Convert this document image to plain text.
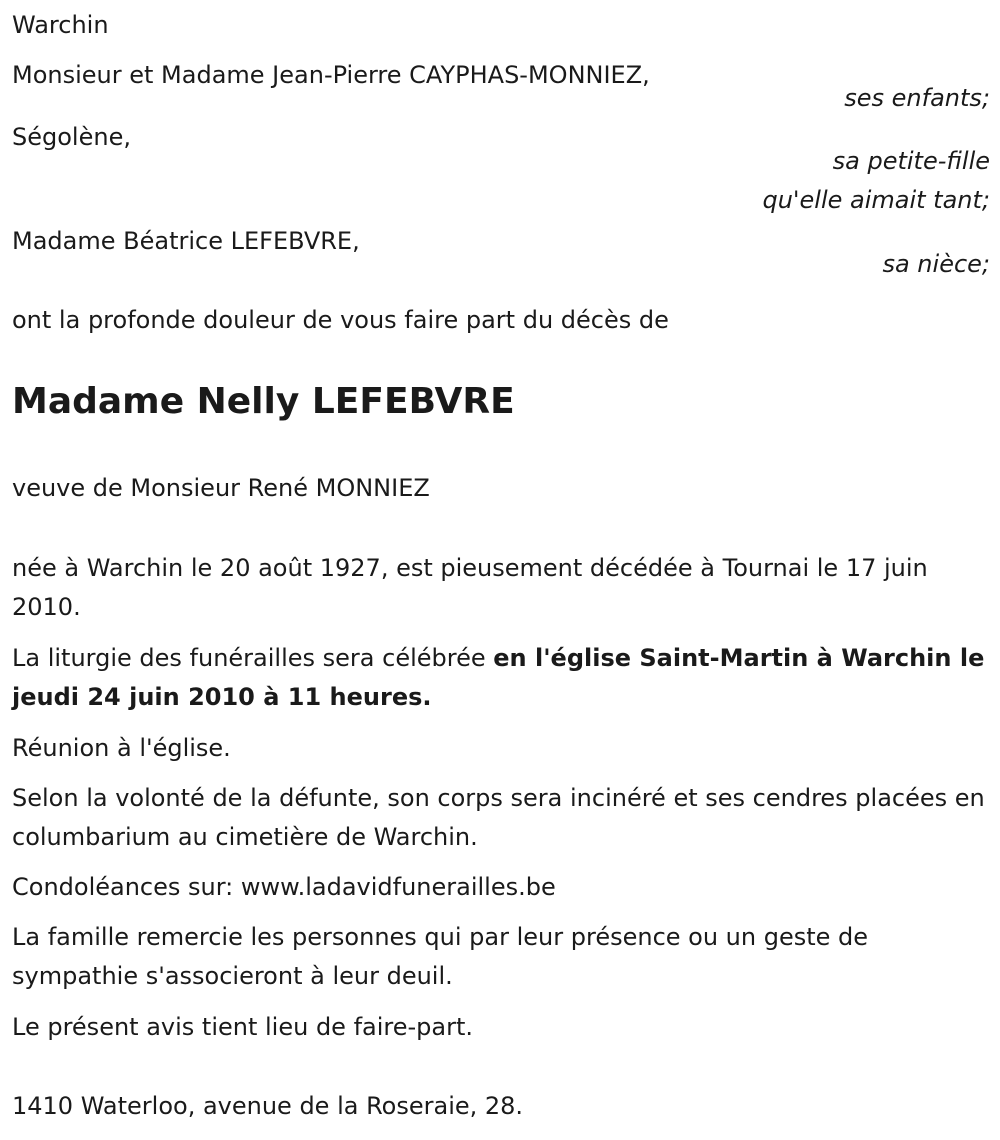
Warchin
Monsieur et Madame Jean-Pierre CAYPHAS-MONNIEZ,
ses enfants;
Ségolène,
sa petite-fille
qu'elle aimait tant;
Madame Béatrice LEFEBVRE,
sa nièce;
ont la profonde douleur de vous faire part du décès de
Madame Nelly LEFEBVRE
veuve de Monsieur René MONNIEZ
née à Warchin le 20 août 1927, est pieusement décédée à Tournai le 17 juin 2010.
La liturgie des funérailles sera célébrée en l'église Saint-Martin à Warchin le jeudi 24 juin 2010 à 11 heures.
Réunion à l'église.
Selon la volonté de la défunte, son corps sera incinéré et ses cendres placées en columbarium au cimetière de Warchin.
Condoléances sur: www.ladavidfunerailles.be
La famille remercie les personnes qui par leur présence ou un geste de sympathie s'associeront à leur deuil.
Le présent avis tient lieu de faire-part.
1410 Waterloo, avenue de la Roseraie, 28.
